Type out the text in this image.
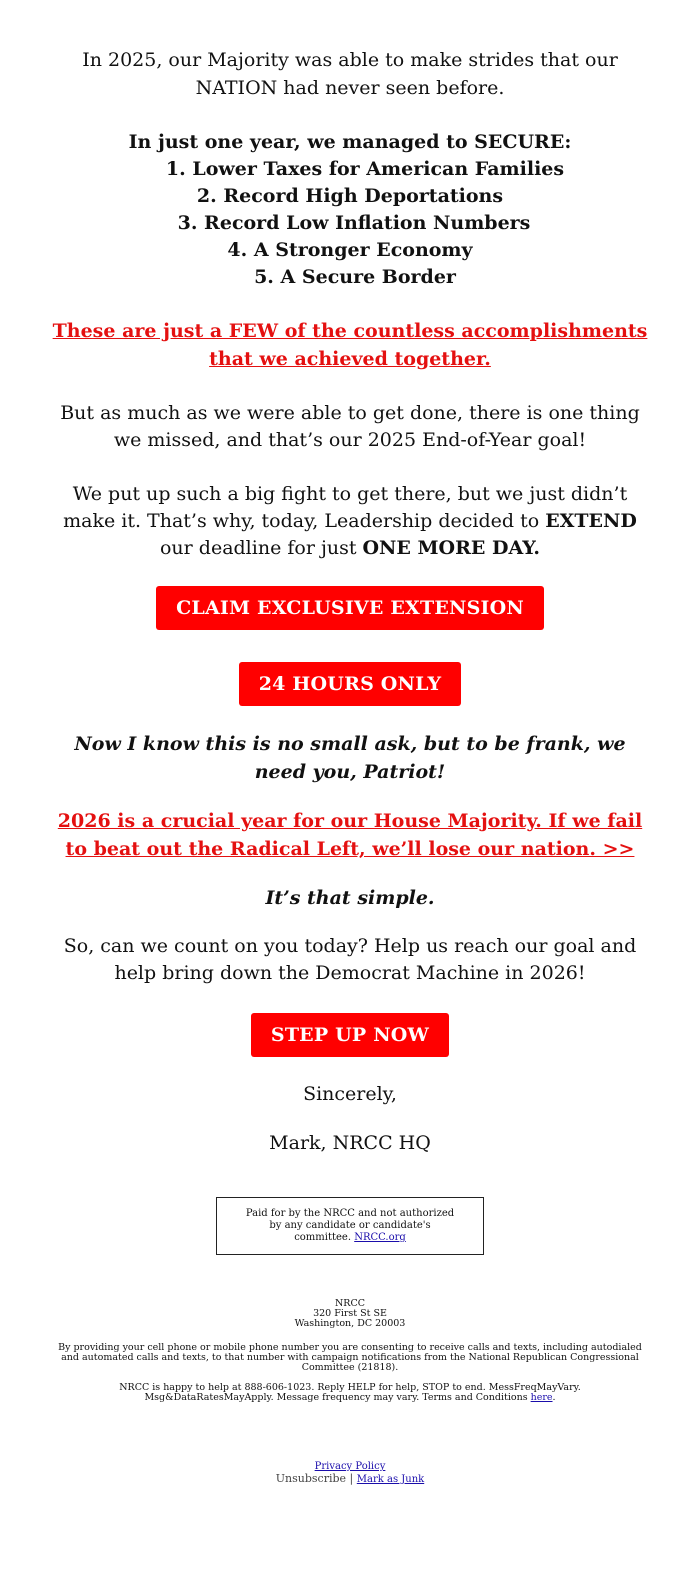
In 2025, our Majority was able to make strides that our NATION had never seen before.

In just one year, we managed to SECURE:

1. Lower Taxes for American Families
2. Record High Deportations
3. Record Low Inflation Numbers
4. A Stronger Economy
5. A Secure Border

These are just a FEW of the countless accomplishments that we achieved together.

But as much as we were able to get done, there is one thing we missed, and that’s our 2025 End-of-Year goal!

We put up such a big fight to get there, but we just didn’t make it. That’s why, today, Leadership decided to EXTEND our deadline for just ONE MORE DAY.

CLAIM EXCLUSIVE EXTENSION
24 HOURS ONLY

Now I know this is no small ask, but to be frank, we need you, Patriot!

2026 is a crucial year for our House Majority. If we fail to beat out the Radical Left, we’ll lose our nation. >>

It’s that simple.

So, can we count on you today? Help us reach our goal and help bring down the Democrat Machine in 2026!

STEP UP NOW

Sincerely,

Mark, NRCC HQ

Paid for by the NRCC and not authorized by any candidate or candidate's committee. NRCC.org
NRCC
320 First St SE
Washington, DC 20003

By providing your cell phone or mobile phone number you are consenting to receive calls and texts, including autodialed and automated calls and texts, to that number with campaign notifications from the National Republican Congressional Committee (21818).

NRCC is happy to help at 888-606-1023. Reply HELP for help, STOP to end. MessFreqMayVary. Msg&DataRatesMayApply. Message frequency may vary. Terms and Conditions here.

Privacy Policy
Unsubscribe | Mark as Junk
